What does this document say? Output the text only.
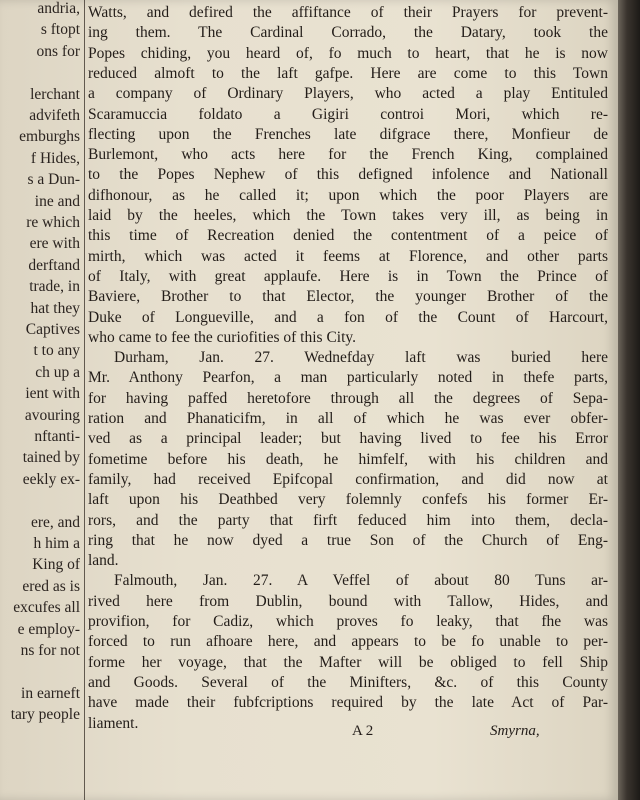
andria,
s ftopt
ons for
lerchant
advifeth
emburghs
f Hides,
s a Dun-
ine and
re which
ere with
derftand
trade, in
hat they
Captives
t to any
ch up a
ient with
avouring
nftanti-
tained by
eekly ex-
ere, and
h him a
King of
ered as is
excufes all
e employ-
ns for not
in earneft
tary people
Watts, and defired the affiftance of their Prayers for prevent-
ing them. The Cardinal Corrado, the Datary, took the
Popes chiding, you heard of, fo much to heart, that he is now
reduced almoft to the laft gafpe. Here are come to this Town
a company of Ordinary Players, who acted a play Entituled
Scaramuccia foldato a Gigiri controi Mori, which re-
flecting upon the Frenches late difgrace there, Monfieur de
Burlemont, who acts here for the French King, complained
to the Popes Nephew of this defigned infolence and Nationall
difhonour, as he called it; upon which the poor Players are
laid by the heeles, which the Town takes very ill, as being in
this time of Recreation denied the contentment of a peice of
mirth, which was acted it feems at Florence, and other parts
of Italy, with great applaufe. Here is in Town the Prince of
Baviere, Brother to that Elector, the younger Brother of the
Duke of Longueville, and a fon of the Count of Harcourt,
who came to fee the curiofities of this City.
Durham, Jan. 27. Wednefday laft was buried here
Mr. Anthony Pearfon, a man particularly noted in thefe parts,
for having paffed heretofore through all the degrees of Sepa-
ration and Phanaticifm, in all of which he was ever obfer-
ved as a principal leader; but having lived to fee his Error
fometime before his death, he himfelf, with his children and
family, had received Epifcopal confirmation, and did now at
laft upon his Deathbed very folemnly confefs his former Er-
rors, and the party that firft feduced him into them, decla-
ring that he now dyed a true Son of the Church of Eng-
land.
Falmouth, Jan. 27. A Veffel of about 80 Tuns ar-
rived here from Dublin, bound with Tallow, Hides, and
provifion, for Cadiz, which proves fo leaky, that fhe was
forced to run afhoare here, and appears to be fo unable to per-
forme her voyage, that the Mafter will be obliged to fell Ship
and Goods. Several of the Minifters, &c. of this County
have made their fubfcriptions required by the late Act of Par-
liament.	A 2	Smyrna,
